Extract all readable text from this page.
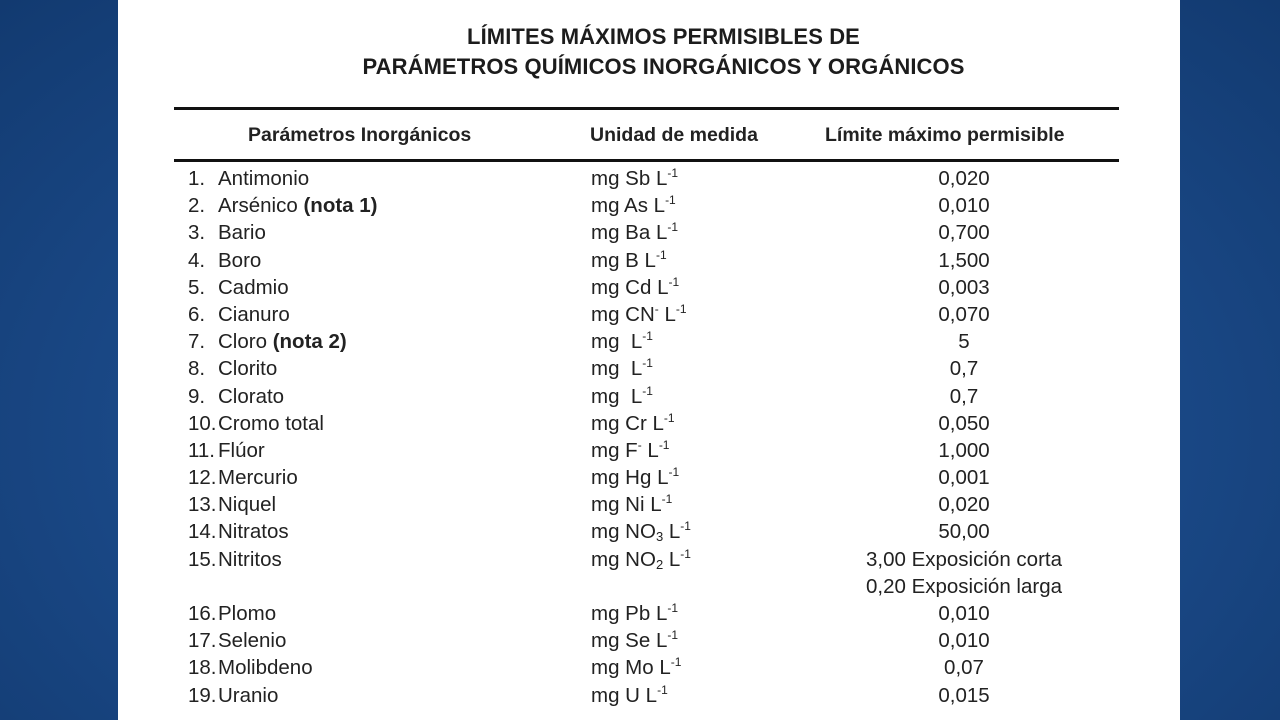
LÍMITES MÁXIMOS PERMISIBLES DE
PARÁMETROS QUÍMICOS INORGÁNICOS Y ORGÁNICOS
Parámetros Inorgánicos	Unidad de medida	Límite máximo permisible
1. Antimonio	mg Sb $L^{-1}$	0,020
2. Arsénico (nota 1)	mg As $L^{-1}$	0,010
3. Bario	mg Ba $L^{-1}$	0,700
4. Boro	mg B $L^{-1}$	1,500
5. Cadmio	mg Cd $L^{-1}$	0,003
6. Cianuro	mg CN- $L^{-1}$	0,070
7. Cloro (nota 2)	mg  $L^{-1}$	5
8. Clorito	mg  $L^{-1}$	0,7
9. Clorato	mg  $L^{-1}$	0,7
10.Cromo total	mg Cr $L^{-1}$	0,050
11. Flúor	mg F- $L^{-1}$	1,000
12.Mercurio	mg Hg $L^{-1}$	0,001
13.Niquel	mg Ni $L^{-1}$	0,020
14.Nitratos	mg $NO_3$ $L^{-1}$	50,00
15.Nitritos	mg $NO_2$ $L^{-1}$	3,00 Exposición corta
0,20 Exposición larga
16.Plomo	mg Pb $L^{-1}$	0,010
17.Selenio	mg Se $L^{-1}$	0,010
18.Molibdeno	mg Mo $L^{-1}$	0,07
19.Uranio	mg U $L^{-1}$	0,015
